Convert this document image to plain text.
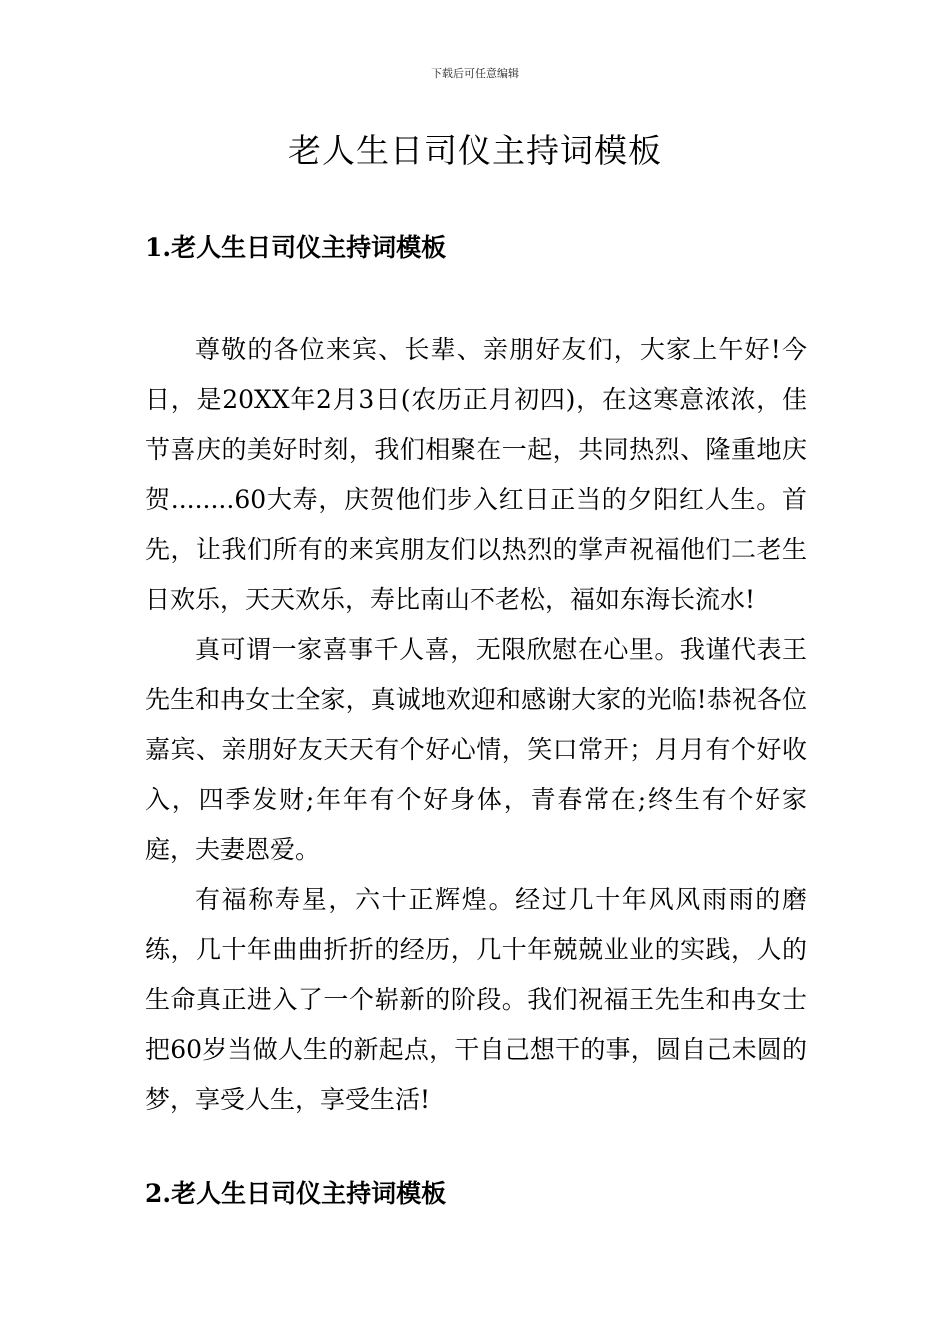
下载后可任意编辑
老人生日司仪主持词模板
1.老人生日司仪主持词模板

尊敬的各位来宾、长辈、亲朋好友们，大家上午好!今日，是20XX年2月3日(农历正月初四)，在这寒意浓浓，佳节喜庆的美好时刻，我们相聚在一起，共同热烈、隆重地庆贺........60大寿，庆贺他们步入红日正当的夕阳红人生。首先，让我们所有的来宾朋友们以热烈的掌声祝福他们二老生日欢乐，天天欢乐，寿比南山不老松，福如东海长流水!

真可谓一家喜事千人喜，无限欣慰在心里。我谨代表王先生和冉女士全家，真诚地欢迎和感谢大家的光临!恭祝各位嘉宾、亲朋好友天天有个好心情，笑口常开；月月有个好收入，四季发财;年年有个好身体，青春常在;终生有个好家庭，夫妻恩爱。

有福称寿星，六十正辉煌。经过几十年风风雨雨的磨练，几十年曲曲折折的经历，几十年兢兢业业的实践，人的生命真正进入了一个崭新的阶段。我们祝福王先生和冉女士把60岁当做人生的新起点，干自己想干的事，圆自己未圆的梦，享受人生，享受生活!

2.老人生日司仪主持词模板
